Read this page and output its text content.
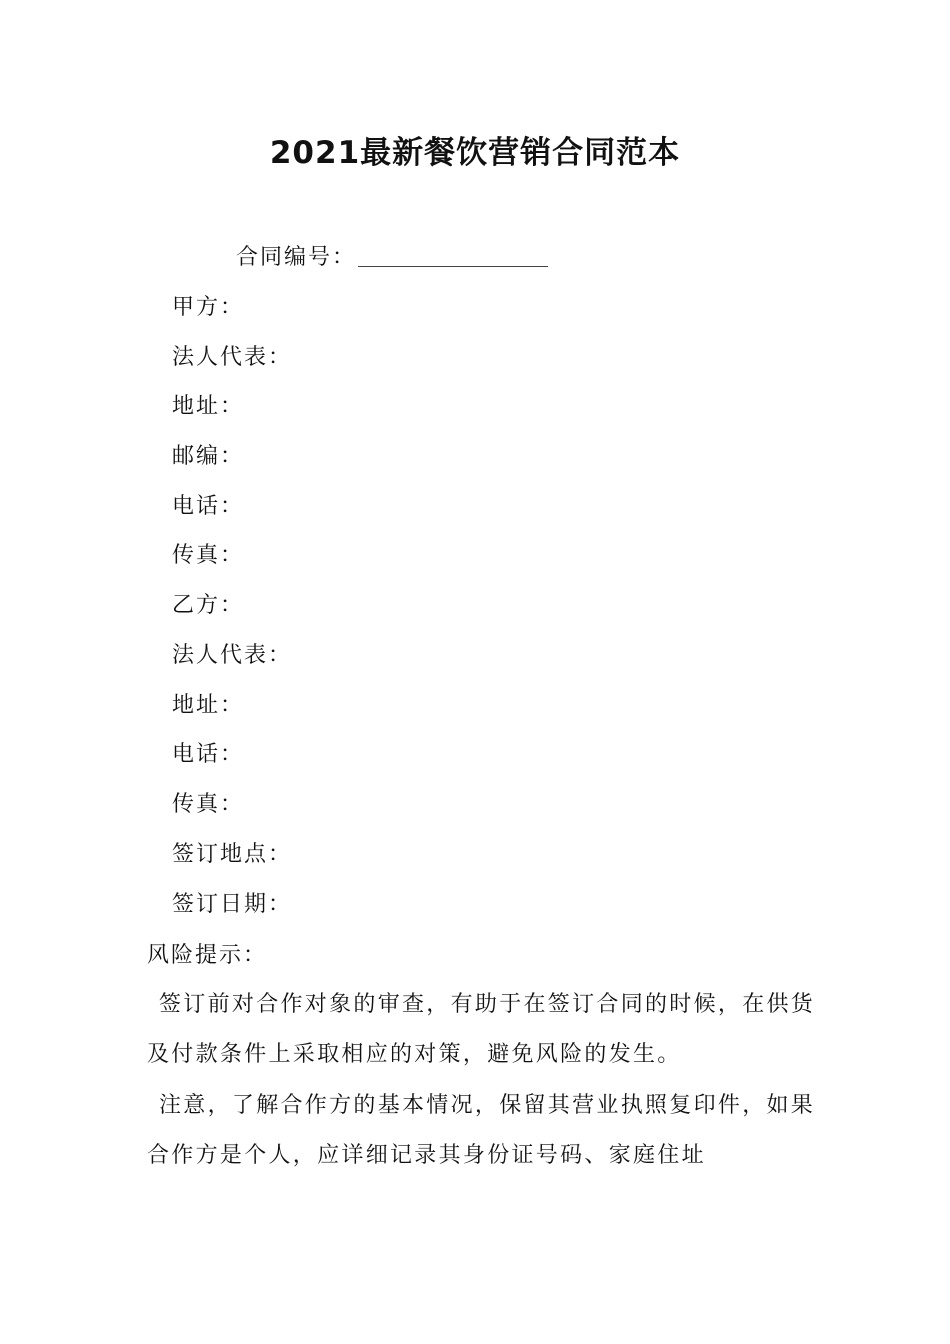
2021最新餐饮营销合同范本
合同编号：
甲方：
法人代表：
地址：
邮编：
电话：
传真：
乙方：
法人代表：
地址：
电话：
传真：
签订地点：
签订日期：
风险提示：
签订前对合作对象的审查，有助于在签订合同的时候，在供货及付款条件上采取相应的对策，避免风险的发生。
注意，了解合作方的基本情况，保留其营业执照复印件，如果合作方是个人，应详细记录其身份证号码、家庭住址
